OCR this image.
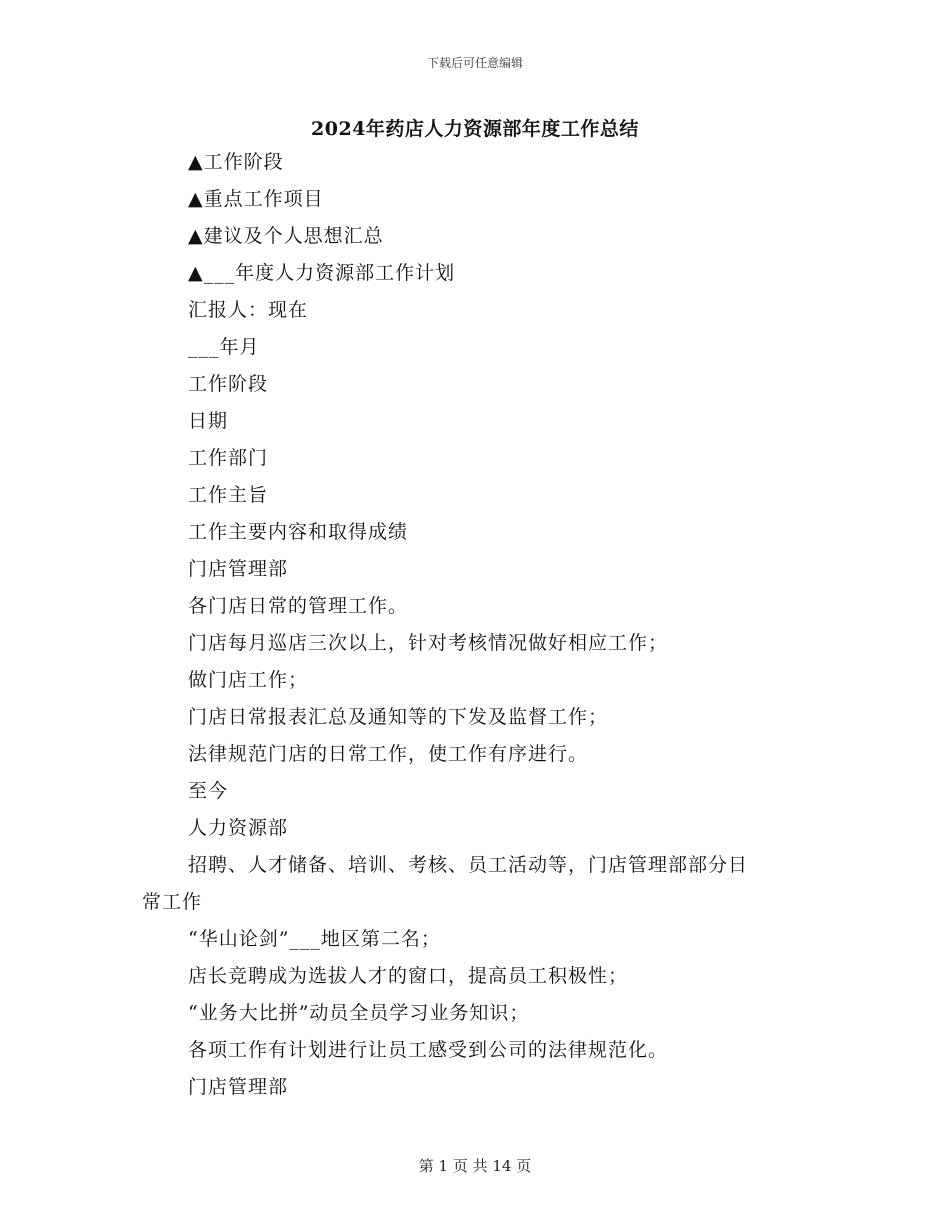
下载后可任意编辑
2024年药店人力资源部年度工作总结
▲工作阶段
▲重点工作项目
▲建议及个人思想汇总
▲___年度人力资源部工作计划
汇报人：现在
___年月
工作阶段
日期
工作部门
工作主旨
工作主要内容和取得成绩
门店管理部
各门店日常的管理工作。
门店每月巡店三次以上，针对考核情况做好相应工作；
做门店工作；
门店日常报表汇总及通知等的下发及监督工作；
法律规范门店的日常工作，使工作有序进行。
至今
人力资源部
招聘、人才储备、培训、考核、员工活动等，门店管理部部分日
常工作
“华山论剑”___地区第二名；
店长竞聘成为选拔人才的窗口，提高员工积极性；
“业务大比拼”动员全员学习业务知识；
各项工作有计划进行让员工感受到公司的法律规范化。
门店管理部
第 1 页 共 14 页
